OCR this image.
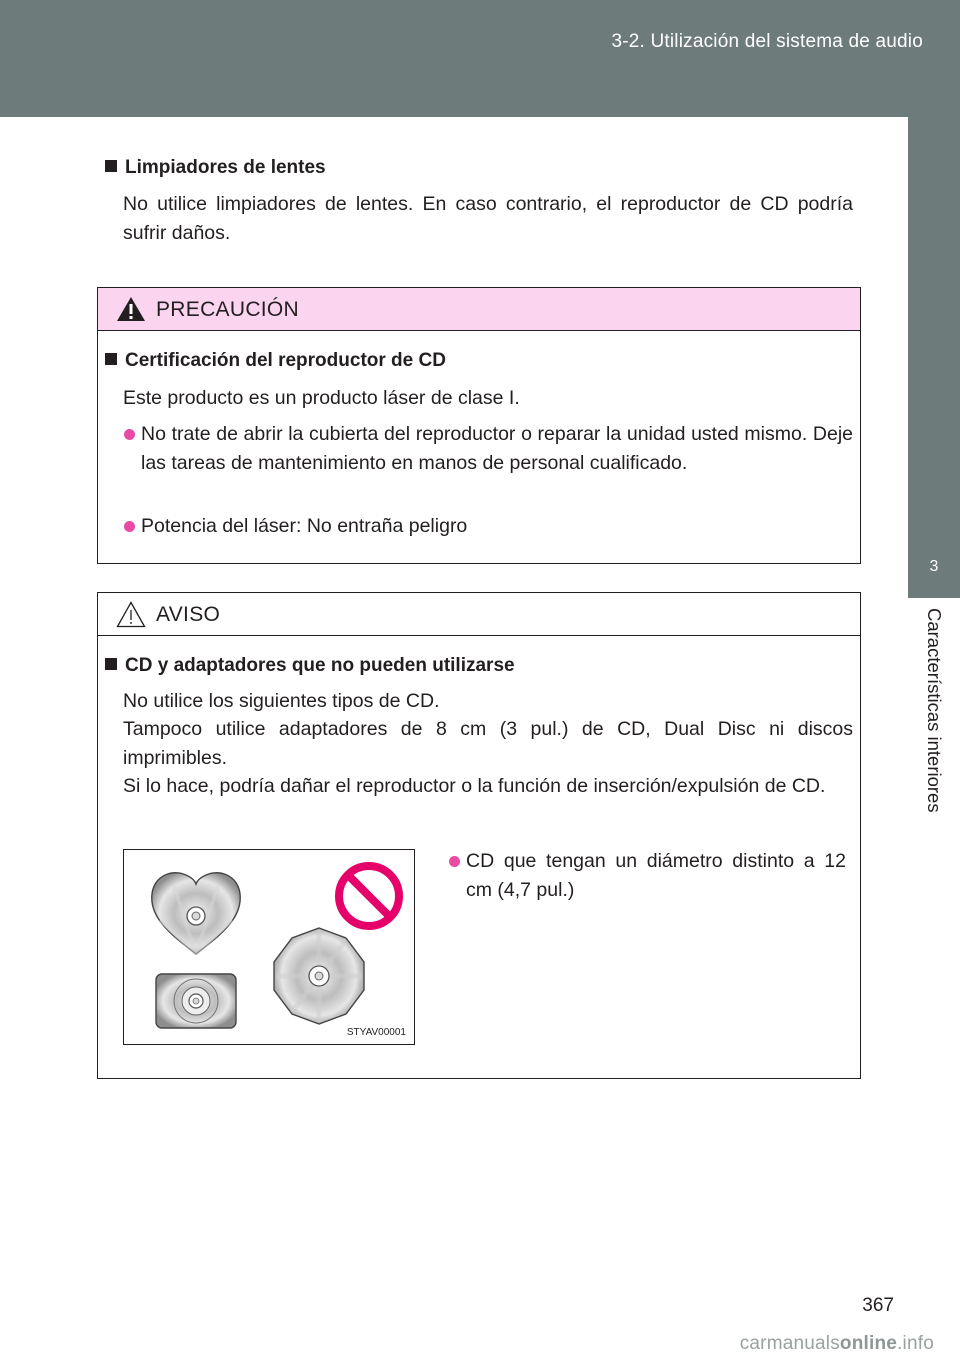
3-2. Utilización del sistema de audio
3
Características interiores
Limpiadores de lentes
No utilice limpiadores de lentes. En caso contrario, el reproductor de CD podría sufrir daños.
PRECAUCIÓN
Certificación del reproductor de CD
Este producto es un producto láser de clase I.
No trate de abrir la cubierta del reproductor o reparar la unidad usted mismo. Deje las tareas de mantenimiento en manos de personal cualificado.
Potencia del láser: No entraña peligro
AVISO
CD y adaptadores que no pueden utilizarse
No utilice los siguientes tipos de CD.
Tampoco utilice adaptadores de 8 cm (3 pul.) de CD, Dual Disc ni discos imprimibles.
Si lo hace, podría dañar el reproductor o la función de inserción/expulsión de CD.
CD que tengan un diámetro distinto a 12 cm (4,7 pul.)
STYAV00001
367
carmanualsonline.info
